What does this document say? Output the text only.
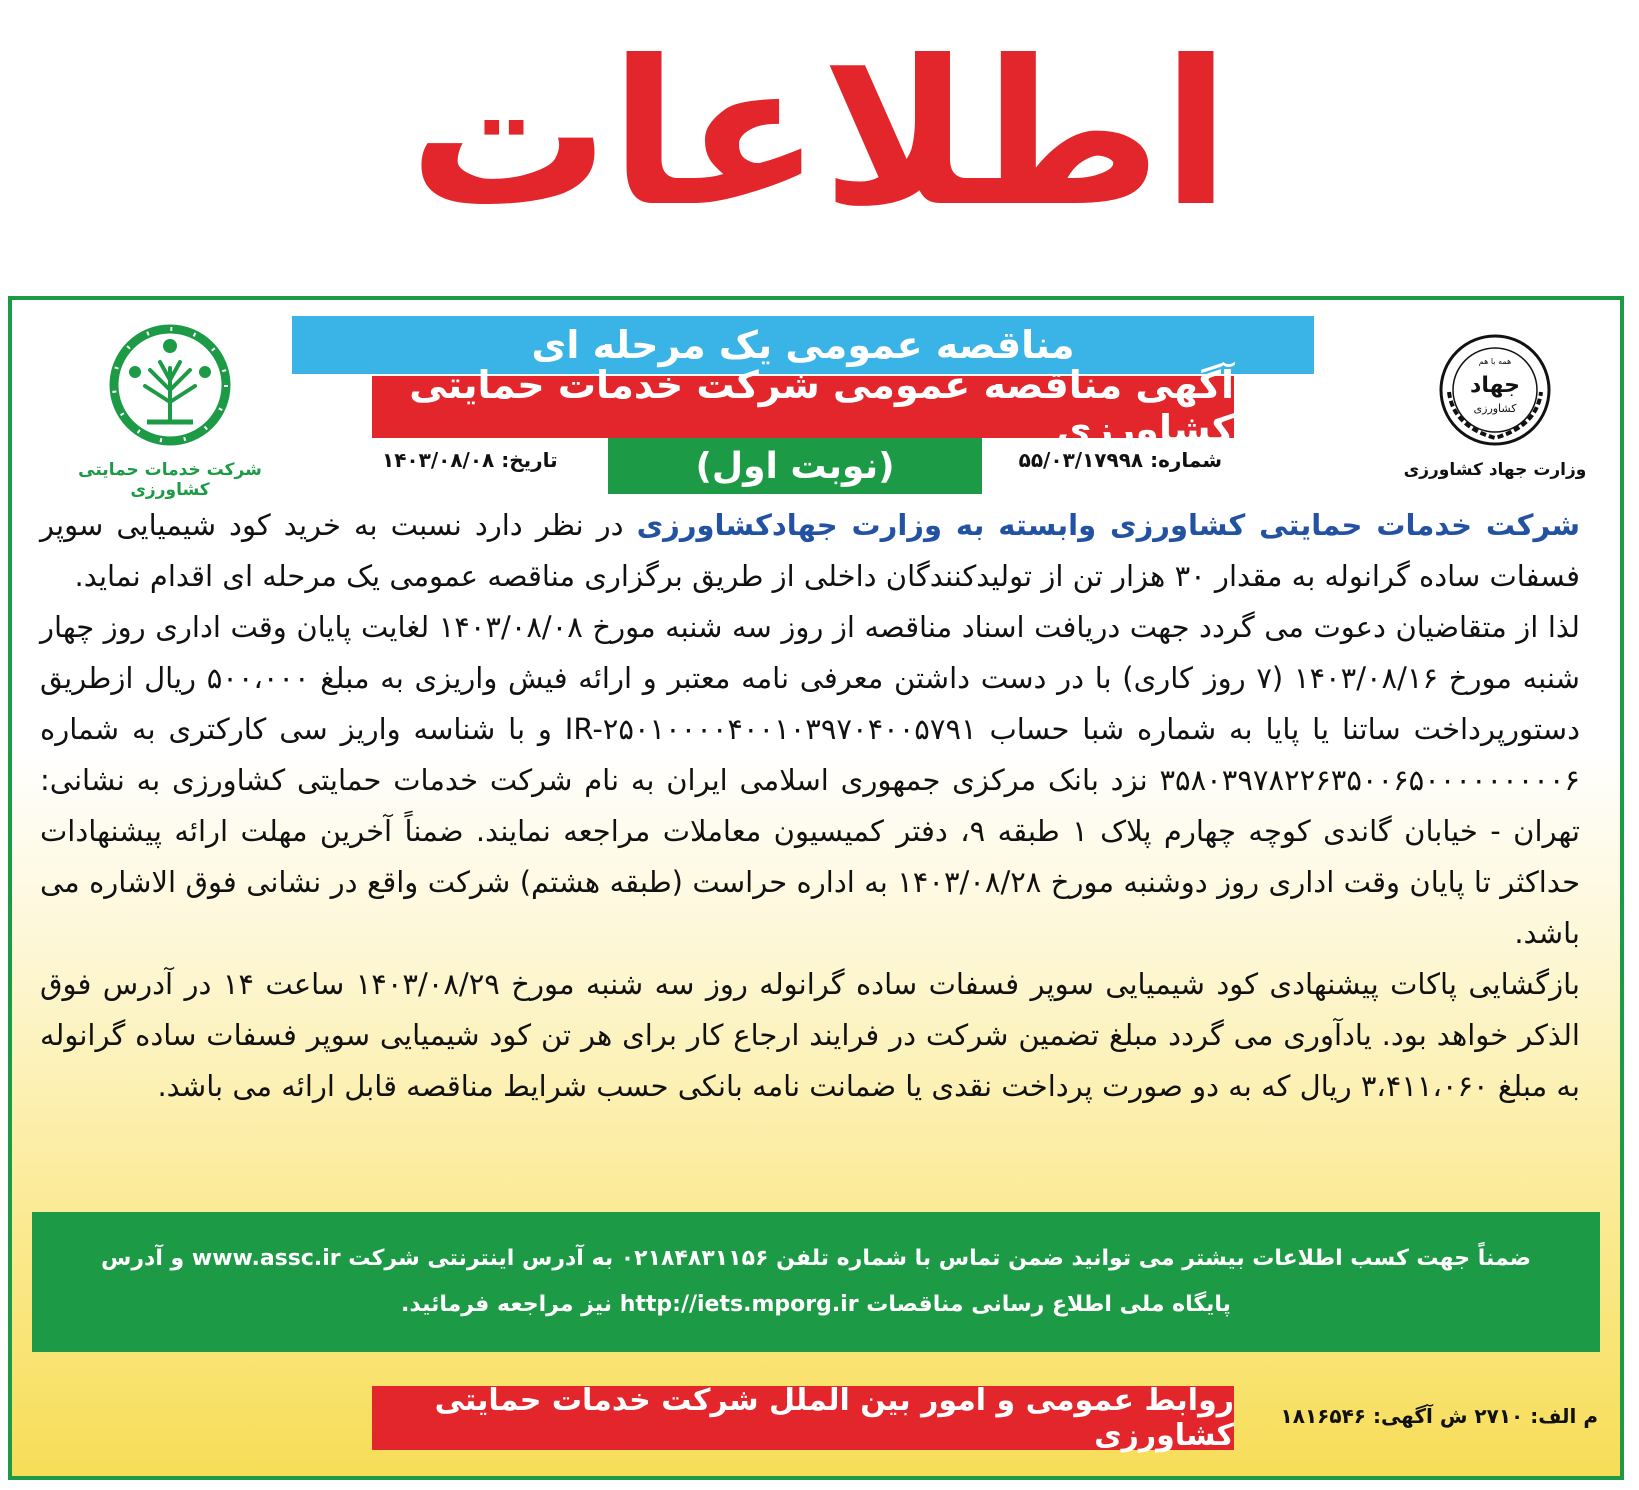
اطلاعات
جهاد
کشاورزی
همه با هم
وزارت جهاد کشاورزی
شرکت خدمات حمایتی کشاورزی
مناقصه عمومی یک مرحله ای
آگهی مناقصه عمومی شرکت خدمات حمایتی کشاورزی
(نوبت اول)	شماره: ۵۵/۰۳/۱۷۹۹۸
تاریخ: ۱۴۰۳/۰۸/۰۸

شرکت خدمات حمایتی کشاورزی وابسته به وزارت جهادکشاورزی در نظر دارد نسبت به خرید کود شیمیایی سوپر فسفات ساده گرانوله به مقدار ۳۰ هزار تن از تولیدکنندگان داخلی از طریق برگزاری مناقصه عمومی یک مرحله ای اقدام نماید.

لذا از متقاضیان دعوت می گردد جهت دریافت اسناد مناقصه از روز سه شنبه مورخ ۱۴۰۳/۰۸/۰۸ لغایت پایان وقت اداری روز چهار شنبه مورخ ۱۴۰۳/۰۸/۱۶ (۷ روز کاری) با در دست داشتن معرفی نامه معتبر و ارائه فیش واریزی به مبلغ ۵۰۰،۰۰۰ ریال ازطریق دستورپرداخت ساتنا یا پایا به شماره شبا حساب IR-۲۵۰۱۰۰۰۰۴۰۰۱۰۳۹۷۰۴۰۰۵۷۹۱ و با شناسه واریز سی کارکتری به شماره ۳۵۸۰۳۹۷۸۲۲۶۳۵۰۰۶۵۰۰۰۰۰۰۰۰۰۶ نزد بانک مرکزی جمهوری اسلامی ایران به نام شرکت خدمات حمایتی کشاورزی به نشانی: تهران - خیابان گاندی کوچه چهارم پلاک ۱ طبقه ۹، دفتر کمیسیون معاملات مراجعه نمایند. ضمناً آخرین مهلت ارائه پیشنهادات حداکثر تا پایان وقت اداری روز دوشنبه مورخ ۱۴۰۳/۰۸/۲۸ به اداره حراست (طبقه هشتم) شرکت واقع در نشانی فوق الاشاره می باشد.

بازگشایی پاکات پیشنهادی کود شیمیایی سوپر فسفات ساده گرانوله روز سه شنبه مورخ ۱۴۰۳/۰۸/۲۹ ساعت ۱۴ در آدرس فوق الذکر خواهد بود. یادآوری می گردد مبلغ تضمین شرکت در فرایند ارجاع کار برای هر تن کود شیمیایی سوپر فسفات ساده گرانوله به مبلغ ۳،۴۱۱،۰۶۰ ریال که به دو صورت پرداخت نقدی یا ضمانت نامه بانکی حسب شرایط مناقصه قابل ارائه می باشد.

ضمناً جهت کسب اطلاعات بیشتر می توانید ضمن تماس با شماره تلفن ۰۲۱۸۴۸۳۱۱۵۶ به آدرس اینترنتی شرکت www.assc.ir و آدرس
پایگاه ملی اطلاع رسانی مناقصات http://iets.mporg.ir نیز مراجعه فرمائید.
روابط عمومی و امور بین الملل شرکت خدمات حمایتی کشاورزی
م الف: ۲۷۱۰ ش آگهی: ۱۸۱۶۵۴۶
